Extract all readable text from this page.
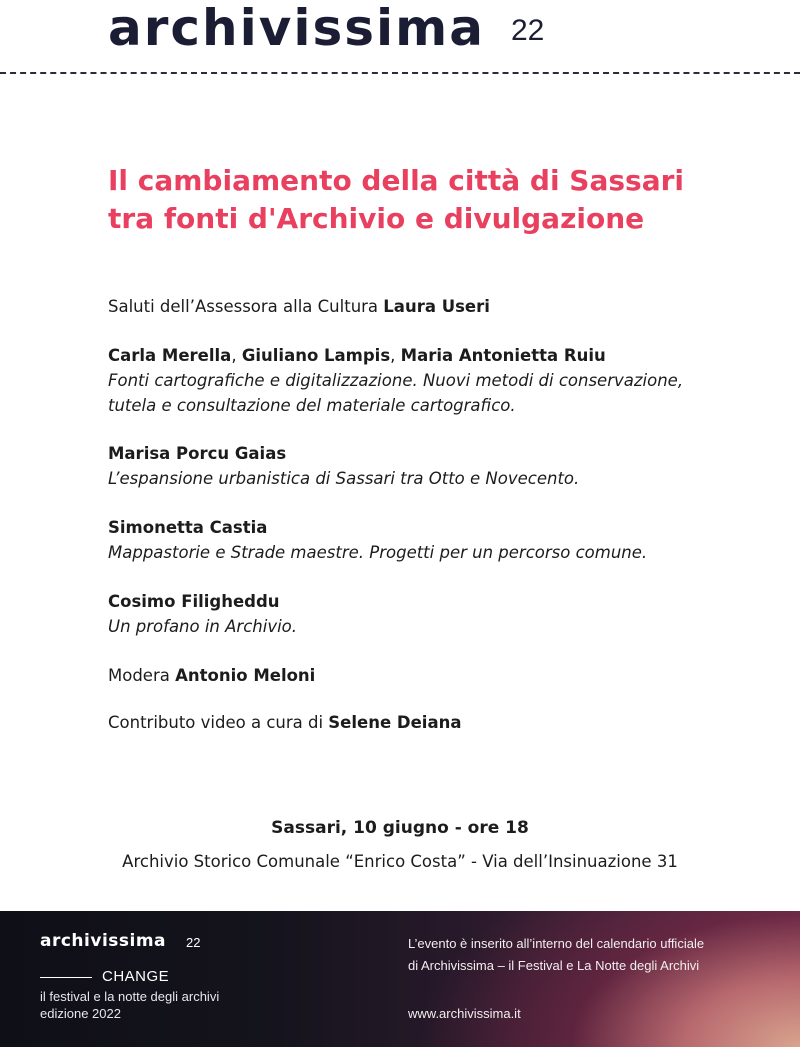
archivissima 22
Il cambiamento della città di Sassari
tra fonti d'Archivio e divulgazione
Saluti dell’Assessora alla Cultura Laura Useri
Carla Merella, Giuliano Lampis, Maria Antonietta Ruiu
Fonti cartografiche e digitalizzazione. Nuovi metodi di conservazione,
tutela e consultazione del materiale cartografico.
Marisa Porcu Gaias
L’espansione urbanistica di Sassari tra Otto e Novecento.
Simonetta Castia
Mappastorie e Strade maestre. Progetti per un percorso comune.
Cosimo Filigheddu
Un profano in Archivio.
Modera Antonio Meloni
Contributo video a cura di Selene Deiana
Sassari, 10 giugno - ore 18
Archivio Storico Comunale “Enrico Costa” - Via dell’Insinuazione 31
archivissima 22
CHANGE
il festival e la notte degli archivi
edizione 2022
L’evento è inserito all’interno del calendario ufficiale
di Archivissima – il Festival e La Notte degli Archivi
www.archivissima.it
